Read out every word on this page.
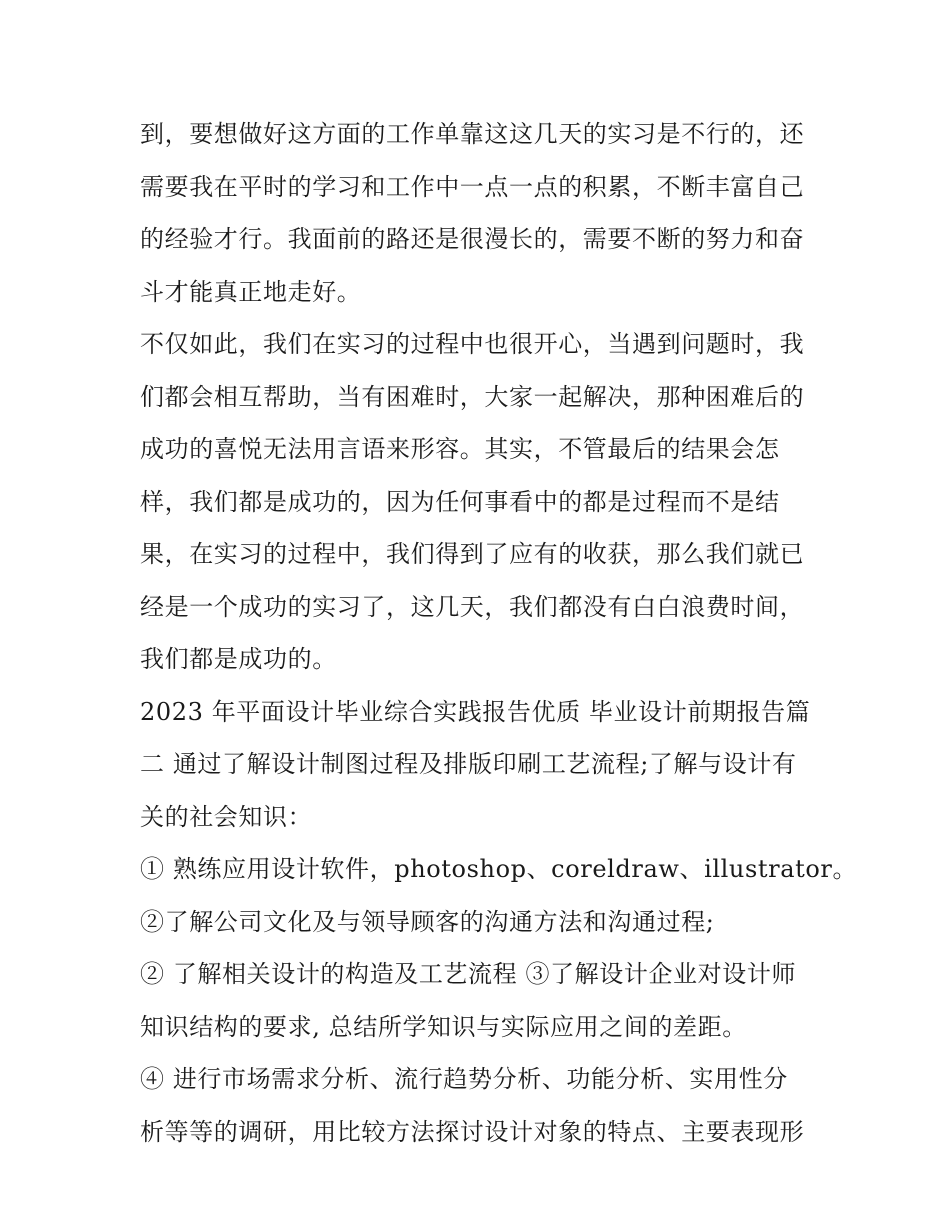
到，要想做好这方面的工作单靠这这几天的实习是不行的，还
需要我在平时的学习和工作中一点一点的积累，不断丰富自己
的经验才行。我面前的路还是很漫长的，需要不断的努力和奋
斗才能真正地走好。
不仅如此，我们在实习的过程中也很开心，当遇到问题时，我
们都会相互帮助，当有困难时，大家一起解决，那种困难后的
成功的喜悦无法用言语来形容。其实，不管最后的结果会怎
样，我们都是成功的，因为任何事看中的都是过程而不是结
果，在实习的过程中，我们得到了应有的收获，那么我们就已
经是一个成功的实习了，这几天，我们都没有白白浪费时间，
我们都是成功的。
2023 年平面设计毕业综合实践报告优质 毕业设计前期报告篇
二 通过了解设计制图过程及排版印刷工艺流程;了解与设计有
关的社会知识：
① 熟练应用设计软件，photoshop、coreldraw、illustrator。
②了解公司文化及与领导顾客的沟通方法和沟通过程;
② 了解相关设计的构造及工艺流程 ③了解设计企业对设计师
知识结构的要求, 总结所学知识与实际应用之间的差距。
④ 进行市场需求分析、流行趋势分析、功能分析、实用性分
析等等的调研，用比较方法探讨设计对象的特点、主要表现形
